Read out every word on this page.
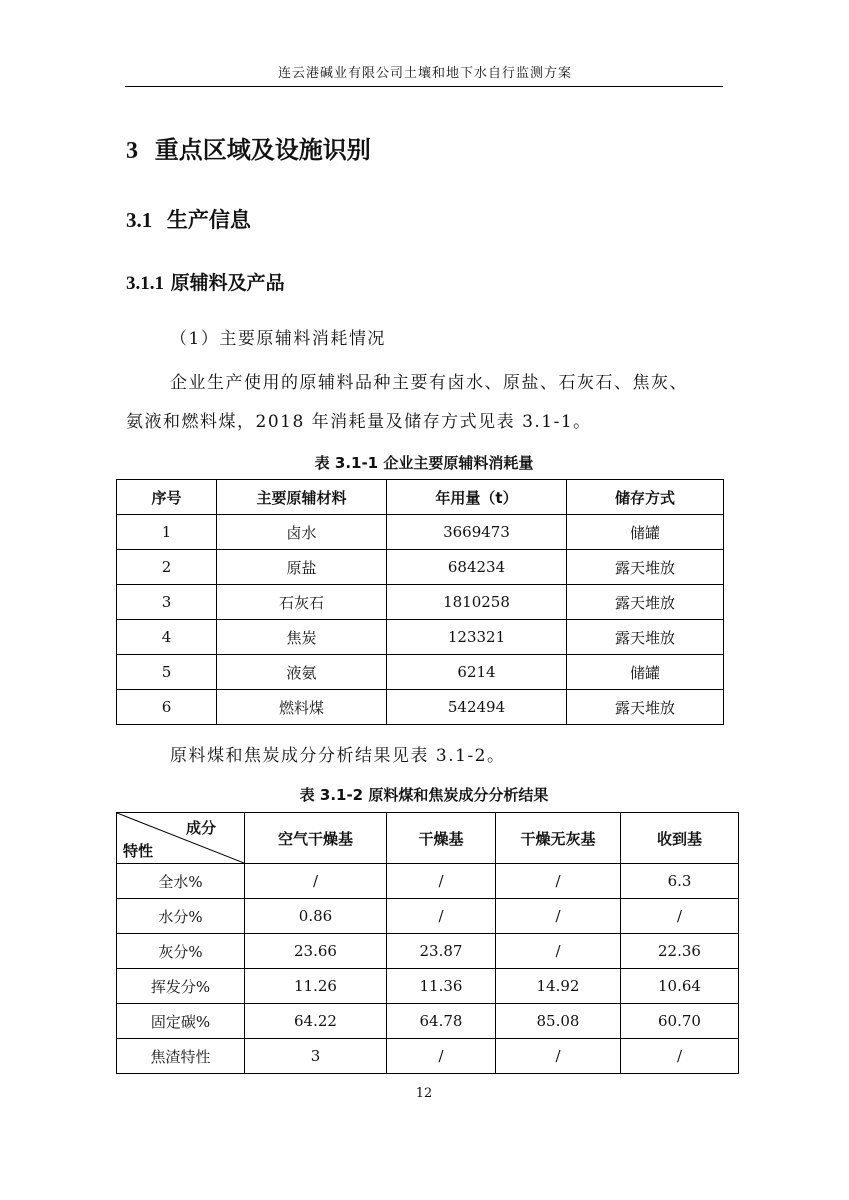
连云港碱业有限公司土壤和地下水自行监测方案
3 重点区域及设施识别
3.1 生产信息
3.1.1 原辅料及产品
（1）主要原辅料消耗情况
企业生产使用的原辅料品种主要有卤水、原盐、石灰石、焦灰、
氨液和燃料煤，2018 年消耗量及储存方式见表 3.1-1。
表 3.1-1 企业主要原辅料消耗量
序号	主要原辅材料	年用量（t）	储存方式
1	卤水	3669473	储罐
2	原盐	684234	露天堆放
3	石灰石	1810258	露天堆放
4	焦炭	123321	露天堆放
5	液氨	6214	储罐
6	燃料煤	542494	露天堆放
原料煤和焦炭成分分析结果见表 3.1-2。
表 3.1-2 原料煤和焦炭成分分析结果
成分
特性	空气干燥基	干燥基	干燥无灰基	收到基
全水%	/	/	/	6.3
水分%	0.86	/	/	/
灰分%	23.66	23.87	/	22.36
挥发分%	11.26	11.36	14.92	10.64
固定碳%	64.22	64.78	85.08	60.70
焦渣特性	3	/	/	/
12
